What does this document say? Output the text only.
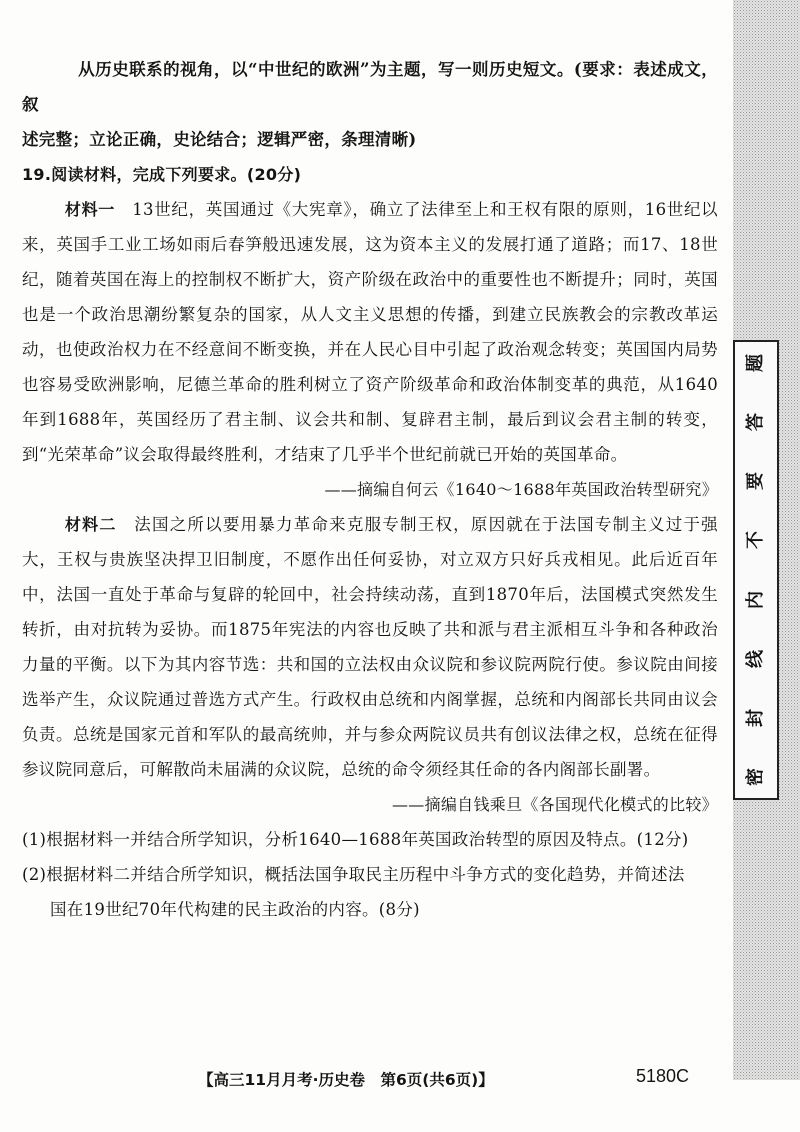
从历史联系的视角，以“中世纪的欧洲”为主题，写一则历史短文。(要求：表述成文，叙

述完整；立论正确，史论结合；逻辑严密，条理清晰)

19.阅读材料，完成下列要求。(20分)

材料一　 13世纪，英国通过《大宪章》，确立了法律至上和王权有限的原则，16世纪以来，英国手工业工场如雨后春笋般迅速发展，这为资本主义的发展打通了道路；而17、18世纪，随着英国在海上的控制权不断扩大，资产阶级在政治中的重要性也不断提升；同时，英国也是一个政治思潮纷繁复杂的国家，从人文主义思想的传播，到建立民族教会的宗教改革运动，也使政治权力在不经意间不断变换，并在人民心目中引起了政治观念转变；英国国内局势也容易受欧洲影响，尼德兰革命的胜利树立了资产阶级革命和政治体制变革的典范，从1640年到1688年，英国经历了君主制、议会共和制、复辟君主制，最后到议会君主制的转变，到“光荣革命”议会取得最终胜利，才结束了几乎半个世纪前就已开始的英国革命。

——摘编自何云《1640～1688年英国政治转型研究》

材料二　 法国之所以要用暴力革命来克服专制王权，原因就在于法国专制主义过于强大，王权与贵族坚决捍卫旧制度，不愿作出任何妥协，对立双方只好兵戎相见。此后近百年中，法国一直处于革命与复辟的轮回中，社会持续动荡，直到1870年后，法国模式突然发生转折，由对抗转为妥协。而1875年宪法的内容也反映了共和派与君主派相互斗争和各种政治力量的平衡。以下为其内容节选：共和国的立法权由众议院和参议院两院行使。参议院由间接选举产生，众议院通过普选方式产生。行政权由总统和内阁掌握，总统和内阁部长共同由议会负责。总统是国家元首和军队的最高统帅，并与参众两院议员共有创议法律之权，总统在征得参议院同意后，可解散尚未届满的众议院，总统的命令须经其任命的各内阁部长副署。

——摘编自钱乘旦《各国现代化模式的比较》

(1)根据材料一并结合所学知识，分析1640—1688年英国政治转型的原因及特点。(12分)

(2)根据材料二并结合所学知识，概括法国争取民主历程中斗争方式的变化趋势，并简述法

国在19世纪70年代构建的民主政治的内容。(8分)

题
答
要
不
内
线
封
密
【高三11月月考·历史卷　第6页(共6页)】	5180C
